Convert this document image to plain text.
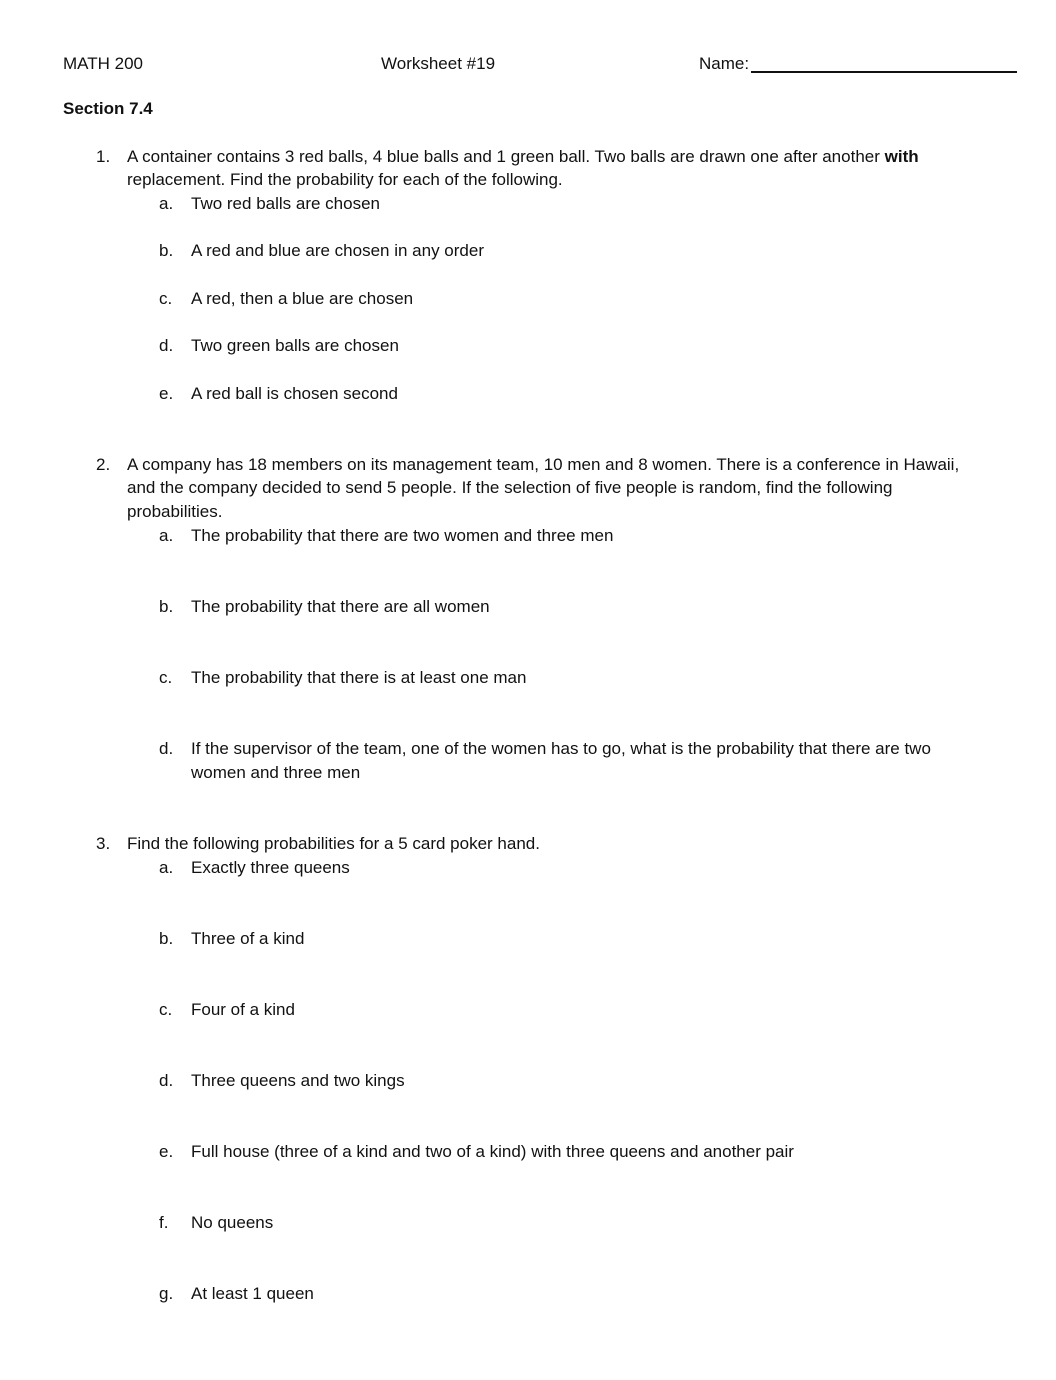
MATH 200	Worksheet #19	Name:
Section 7.4
1. A container contains 3 red balls, 4 blue balls and 1 green ball. Two balls are drawn one after another with
replacement. Find the probability for each of the following.
a. Two red balls are chosen
b. A red and blue are chosen in any order
c. A red, then a blue are chosen
d. Two green balls are chosen
e. A red ball is chosen second
2. A company has 18 members on its management team, 10 men and 8 women. There is a conference in Hawaii,
and the company decided to send 5 people. If the selection of five people is random, find the following
probabilities.
a. The probability that there are two women and three men
b. The probability that there are all women
c. The probability that there is at least one man
d. If the supervisor of the team, one of the women has to go, what is the probability that there are two
women and three men
3. Find the following probabilities for a 5 card poker hand.
a. Exactly three queens
b. Three of a kind
c. Four of a kind
d. Three queens and two kings
e. Full house (three of a kind and two of a kind) with three queens and another pair
f. No queens
g. At least 1 queen
